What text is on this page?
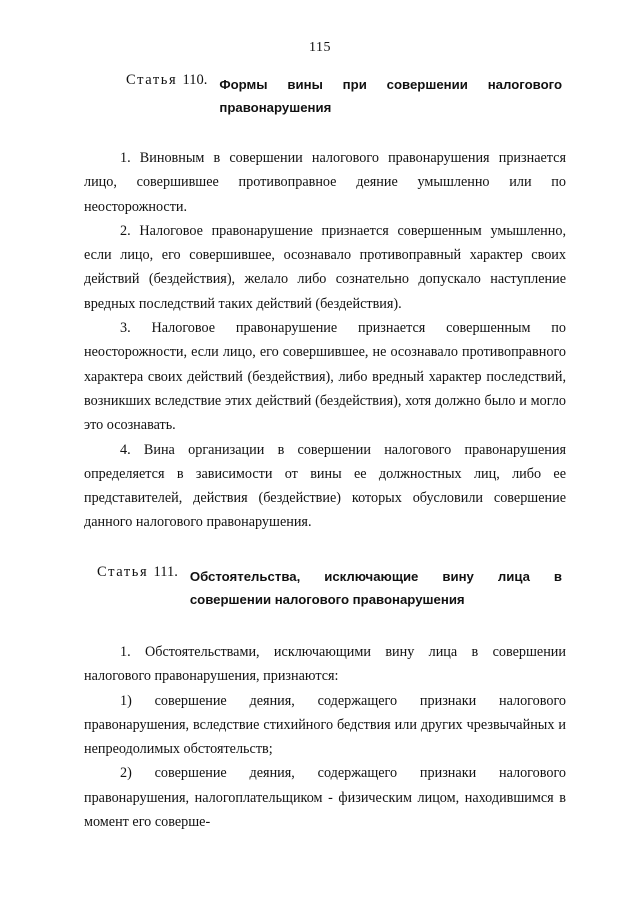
115
Статья 110. Формы вины при совершении налогового
правонарушения

1. Виновным в совершении налогового правонарушения признается лицо, совершившее противоправное деяние умышленно или по неосторожности.

2. Налоговое правонарушение признается совершенным умышленно, если лицо, его совершившее, осознавало противоправный характер своих действий (бездействия), желало либо сознательно допускало наступление вредных последствий таких действий (бездействия).

3. Налоговое правонарушение признается совершенным по неосторожности, если лицо, его совершившее, не осознавало противоправного характера своих действий (бездействия), либо вредный характер последствий, возникших вследствие этих действий (бездействия), хотя должно было и могло это осознавать.

4. Вина организации в совершении налогового правонарушения определяется в зависимости от вины ее должностных лиц, либо ее представителей, действия (бездействие) которых обусловили совершение данного налогового правонарушения.

Статья 111. Обстоятельства, исключающие вину лица в
совершении налогового правонарушения

1. Обстоятельствами, исключающими вину лица в совершении налогового правонарушения, признаются:

1) совершение деяния, содержащего признаки налогового правонарушения, вследствие стихийного бедствия или других чрезвычайных и непреодолимых обстоятельств;

2) совершение деяния, содержащего признаки налогового правонарушения, налогоплательщиком - физическим лицом, находившимся в момент его соверше-
